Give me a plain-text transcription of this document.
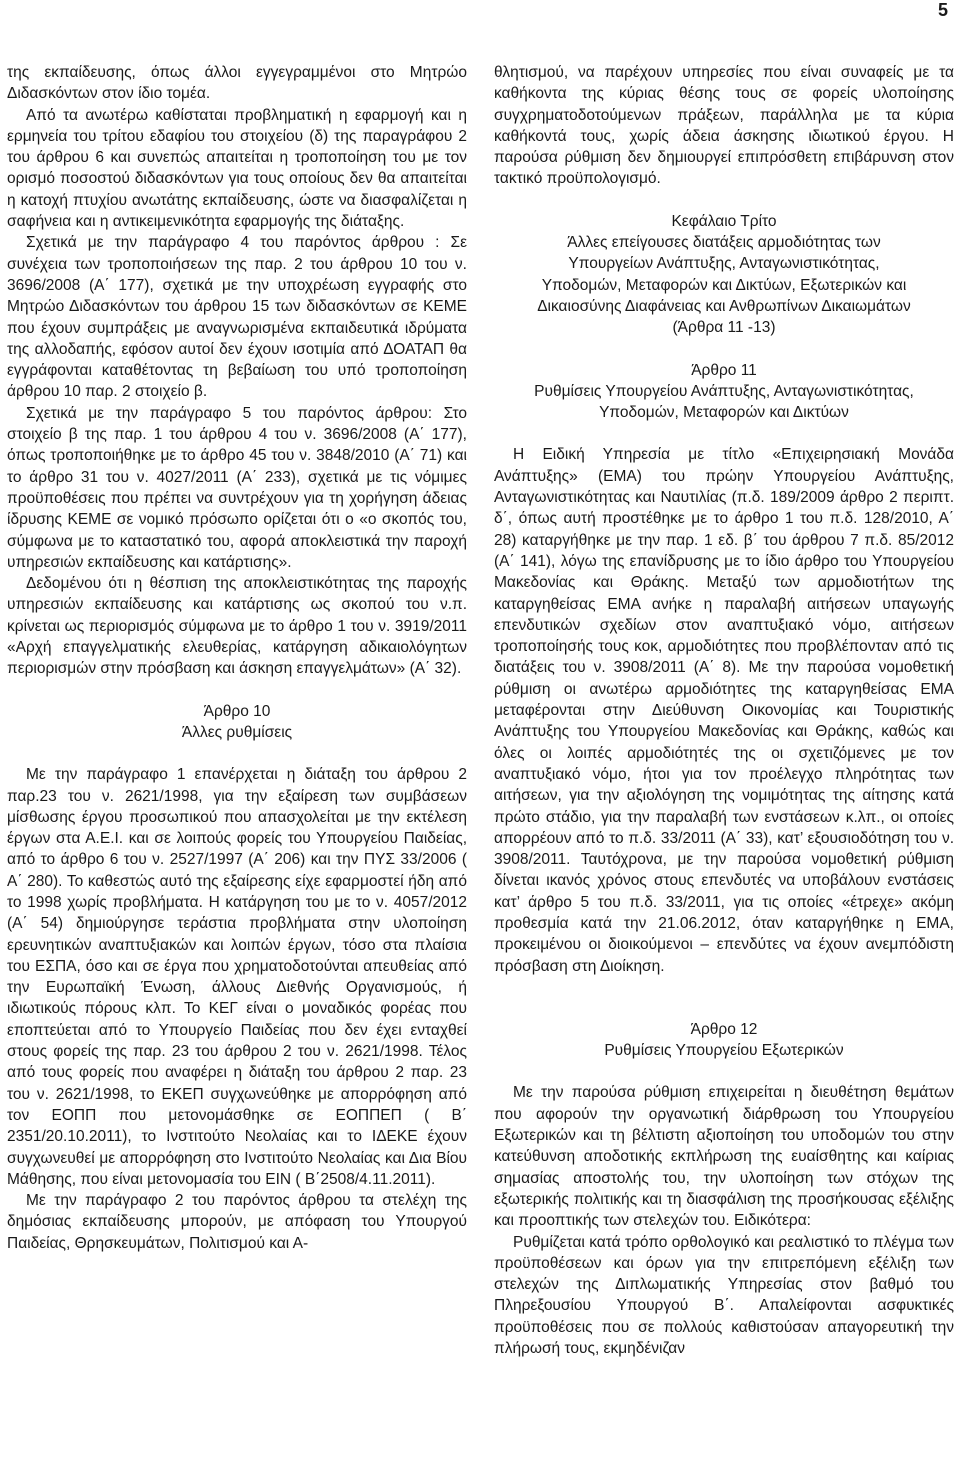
5

της εκπαίδευσης, όπως άλλοι εγγεγραμμένοι στο Μητρώο Διδασκόντων στον ίδιο τομέα.

Από τα ανωτέρω καθίσταται προβληματική η εφαρμογή και η ερμηνεία του τρίτου εδαφίου του στοιχείου (δ) της παραγράφου 2 του άρθρου 6 και συνεπώς απαιτείται η τροποποίηση του με τον ορισμό ποσοστού διδασκόντων για τους οποίους δεν θα απαιτείται η κατοχή πτυχίου ανωτάτης εκπαίδευσης, ώστε να διασφαλίζεται η σαφήνεια και η αντικειμενικότητα εφαρμογής της διάταξης.

Σχετικά με την παράγραφο 4 του παρόντος άρθρου : Σε συνέχεια των τροποποιήσεων της παρ. 2 του άρθρου 10 του ν. 3696/2008 (Α΄ 177), σχετικά με την υποχρέωση εγγραφής στο Μητρώο Διδασκόντων του άρθρου 15 των διδασκόντων σε ΚΕΜΕ που έχουν συμπράξεις με αναγνωρισμένα εκπαιδευτικά ιδρύματα της αλλοδαπής, εφόσον αυτοί δεν έχουν ισοτιμία από ΔΟΑΤΑΠ θα εγγράφονται καταθέτοντας τη βεβαίωση του υπό τροποποίηση άρθρου 10 παρ. 2 στοιχείο β.

Σχετικά με την παράγραφο 5 του παρόντος άρθρου: Στο στοιχείο β της παρ. 1 του άρθρου 4 του ν. 3696/2008 (Α΄ 177), όπως τροποποιήθηκε με το άρθρο 45 του ν. 3848/2010 (Α΄ 71) και το άρθρο 31 του ν. 4027/2011 (Α΄ 233), σχετικά με τις νόμιμες προϋποθέσεις που πρέπει να συντρέχουν για τη χορήγηση άδειας ίδρυσης ΚΕΜΕ σε νομικό πρόσωπο ορίζεται ότι ο «ο σκοπός του, σύμφωνα με το καταστατικό του, αφορά αποκλειστικά την παροχή υπηρεσιών εκπαίδευσης και κατάρτισης».

Δεδομένου ότι η θέσπιση της αποκλειστικότητας της παροχής υπηρεσιών εκπαίδευσης και κατάρτισης ως σκοπού του ν.π. κρίνεται ως περιορισμός σύμφωνα με το άρθρο 1 του ν. 3919/2011 «Αρχή επαγγελματικής ελευθερίας, κατάργηση αδικαιολόγητων περιορισμών στην πρόσβαση και άσκηση επαγγελμάτων» (Α΄ 32).

Άρθρο 10

Άλλες ρυθμίσεις

Με την παράγραφο 1 επανέρχεται η διάταξη του άρθρου 2 παρ.23 του ν. 2621/1998, για την εξαίρεση των συμβάσεων μίσθωσης έργου προσωπικού που απασχολείται με την εκτέλεση έργων στα Α.Ε.Ι. και σε λοιπούς φορείς του Υπουργείου Παιδείας, από το άρθρο 6 του ν. 2527/1997 (Α΄ 206) και την ΠΥΣ 33/2006 ( Α΄ 280). Το καθεστώς αυτό της εξαίρεσης είχε εφαρμοστεί ήδη από το 1998 χωρίς προβλήματα. Η κατάργηση του με το ν. 4057/2012 (Α΄ 54) δημιούργησε τεράστια προβλήματα στην υλοποίηση ερευνητικών αναπτυξιακών και λοιπών έργων, τόσο στα πλαίσια του ΕΣΠΑ, όσο και σε έργα που χρηματοδοτούνται απευθείας από την Ευρωπαϊκή Ένωση, άλλους Διεθνής Οργανισμούς, ή ιδιωτικούς πόρους κλπ. Το ΚΕΓ είναι ο μοναδικός φορέας που εποπτεύεται από το Υπουργείο Παιδείας που δεν έχει ενταχθεί στους φορείς της παρ. 23 του άρθρου 2 του ν. 2621/1998. Τέλος από τους φορείς που αναφέρει η διάταξη του άρθρου 2 παρ. 23 του ν. 2621/1998, το ΕΚΕΠ συγχωνεύθηκε με απορρόφηση από τον ΕΟΠΠ που μετονομάσθηκε σε ΕΟΠΠΕΠ ( Β΄ 2351/20.10.2011), το Ινστιτούτο Νεολαίας και το ΙΔΕΚΕ έχουν συγχωνευθεί με απορρόφηση στο Ινστιτούτο Νεολαίας και Δια Βίου Μάθησης, που είναι μετονομασία του ΕΙΝ ( Β΄2508/4.11.2011).

Με την παράγραφο 2 του παρόντος άρθρου τα στελέχη της δημόσιας εκπαίδευσης μπορούν, με απόφαση του Υπουργού Παιδείας, Θρησκευμάτων, Πολιτισμού και Α-

θλητισμού, να παρέχουν υπηρεσίες που είναι συναφείς με τα καθήκοντα της κύριας θέσης τους σε φορείς υλοποίησης συγχρηματοδοτούμενων πράξεων, παράλληλα με τα κύρια καθήκοντά τους, χωρίς άδεια άσκησης ιδιωτικού έργου. Η παρούσα ρύθμιση δεν δημιουργεί επιπρόσθετη επιβάρυνση στον τακτικό προϋπολογισμό.

Κεφάλαιο Τρίτο

Άλλες επείγουσες διατάξεις αρμοδιότητας των

Υπουργείων Ανάπτυξης, Ανταγωνιστικότητας,

Υποδομών, Μεταφορών και Δικτύων, Εξωτερικών και

Δικαιοσύνης Διαφάνειας και Ανθρωπίνων Δικαιωμάτων

(Άρθρα 11 -13)

Άρθρο 11

Ρυθμίσεις Υπουργείου Ανάπτυξης, Ανταγωνιστικότητας,

Υποδομών, Μεταφορών και Δικτύων

Η Ειδική Υπηρεσία με τίτλο «Επιχειρησιακή Μονάδα Ανάπτυξης» (ΕΜΑ) του πρώην Υπουργείου Ανάπτυξης, Ανταγωνιστικότητας και Ναυτιλίας (π.δ. 189/2009 άρθρο 2 περιπτ. δ΄, όπως αυτή προστέθηκε με το άρθρο 1 του π.δ. 128/2010, Α΄ 28) καταργήθηκε με την παρ. 1 εδ. β΄ του άρθρου 7 π.δ. 85/2012 (Α΄ 141), λόγω της επανίδρυσης με το ίδιο άρθρο του Υπουργείου Μακεδονίας και Θράκης. Μεταξύ των αρμοδιοτήτων της καταργηθείσας ΕΜΑ ανήκε η παραλαβή αιτήσεων υπαγωγής επενδυτικών σχεδίων στον αναπτυξιακό νόμο, αιτήσεων τροποποίησής τους κοκ, αρμοδιότητες που προβλέπονταν από τις διατάξεις του ν. 3908/2011 (Α΄ 8). Με την παρούσα νομοθετική ρύθμιση οι ανωτέρω αρμοδιότητες της καταργηθείσας ΕΜΑ μεταφέρονται στην Διεύθυνση Οικονομίας και Τουριστικής Ανάπτυξης του Υπουργείου Μακεδονίας και Θράκης, καθώς και όλες οι λοιπές αρμοδιότητές της οι σχετιζόμενες με τον αναπτυξιακό νόμο, ήτοι για τον προέλεγχο πληρότητας των αιτήσεων, για την αξιολόγηση της νομιμότητας της αίτησης κατά πρώτο στάδιο, για την παραλαβή των ενστάσεων κ.λπ., οι οποίες απορρέουν από το π.δ. 33/2011 (Α΄ 33), κατ’ εξουσιοδότηση του ν. 3908/2011. Ταυτόχρονα, με την παρούσα νομοθετική ρύθμιση δίνεται ικανός χρόνος στους επενδυτές να υποβάλουν ενστάσεις κατ’ άρθρο 5 του π.δ. 33/2011, για τις οποίες «έτρεχε» ακόμη προθεσμία κατά την 21.06.2012, όταν καταργήθηκε η ΕΜΑ, προκειμένου οι διοικούμενοι – επενδύτες να έχουν ανεμπόδιστη πρόσβαση στη Διοίκηση.

Άρθρο 12

Ρυθμίσεις Υπουργείου Εξωτερικών

Με την παρούσα ρύθμιση επιχειρείται η διευθέτηση θεμάτων που αφορούν την οργανωτική διάρθρωση του Υπουργείου Εξωτερικών και τη βέλτιστη αξιοποίηση του υποδομών του στην κατεύθυνση αποδοτικής εκπλήρωση της ευαίσθητης και καίριας σημασίας αποστολής του, την υλοποίηση των στόχων της εξωτερικής πολιτικής και τη διασφάλιση της προσήκουσας εξέλιξης και προοπτικής των στελεχών του. Ειδικότερα:

Ρυθμίζεται κατά τρόπο ορθολογικό και ρεαλιστικό το πλέγμα των προϋποθέσεων και όρων για την επιτρεπόμενη εξέλιξη των στελεχών της Διπλωματικής Υπηρεσίας στον βαθμό του Πληρεξουσίου Υπουργού Β΄. Απαλείφονται ασφυκτικές προϋποθέσεις που σε πολλούς καθιστούσαν απαγορευτική την πλήρωσή τους, εκμηδένιζαν
